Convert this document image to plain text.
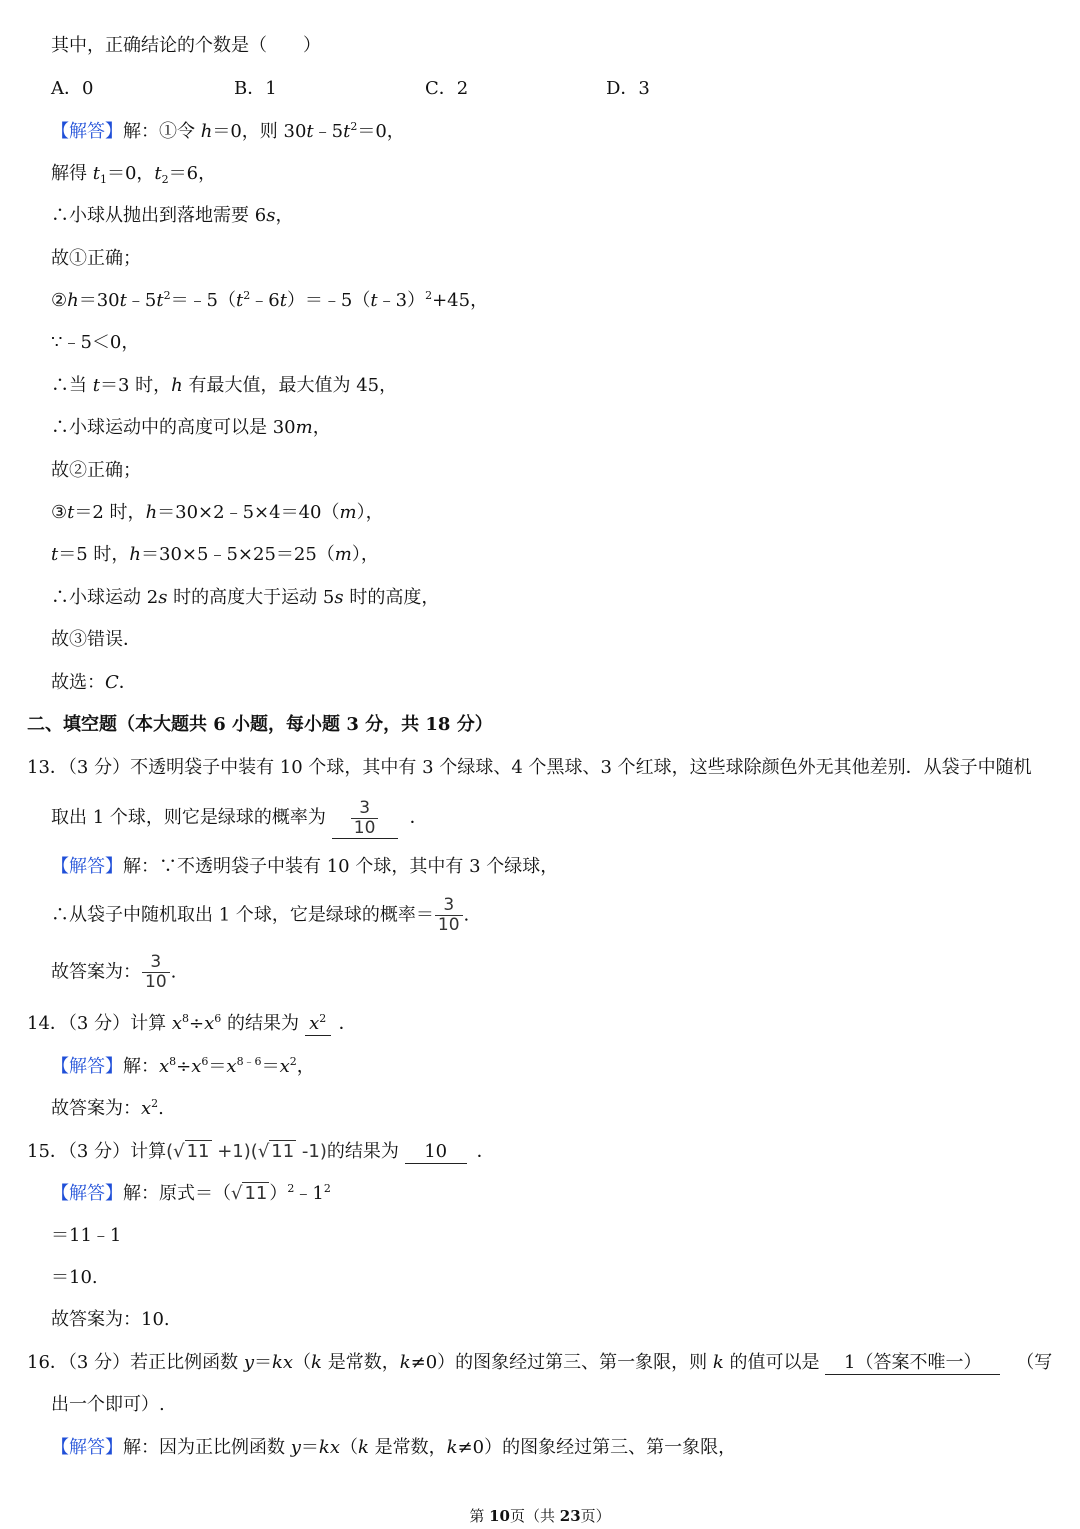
其中，正确结论的个数是（　　）
A．0	B．1	C．2	D．3
【解答】解：①令 h＝0，则 $30t﹣5t^2=0$，
解得 $t_1=0$，$t_2=6$，
∴小球从抛出到落地需要 6s，
故①正确；
$②h=30t﹣5t^2=﹣5(t^2﹣6t)=﹣5(t﹣3)^2+45$，
∵﹣5＜0，
∴当 t＝3 时，h 有最大值，最大值为 45，
∴小球运动中的高度可以是 30m，
故②正确；
③t＝2 时，h＝30×2﹣5×4＝40（m），
t＝5 时，h＝30×5﹣5×25＝25（m），
∴小球运动 2s 时的高度大于运动 5s 时的高度，
故③错误．
故选：C．
二、填空题（本大题共 6 小题，每小题 3 分，共 18 分）
13．（3 分）不透明袋子中装有 10 个球，其中有 3 个绿球、4 个黑球、3 个红球，这些球除颜色外无其他差别．从袋子中随机
取出 1 个球，则它是绿球的概率为 $\frac{3}{10}$ ．
【解答】解：∵不透明袋子中装有 10 个球，其中有 3 个绿球，
∴从袋子中随机取出 1 个球，它是绿球的概率＝ $\frac{3}{10}$ .
故答案为： $\frac{3}{10}$ .
14．（3 分）计算 $x^8\div x^6$ 的结果为 $x^2$ ．
【解答】解：$x^8\div x^6=x^{8﹣6}=x^2$，
故答案为：$x^2$.
15．（3 分）计算(√ 11 +1)(√ 11 -1)的结果为 10 ．
【解答】解：原式＝（√ 11 ）$^2﹣1^2$
＝11﹣1
＝10.
故答案为：10.
16．（3 分）若正比例函数 y＝kx（k 是常数，k≠0）的图象经过第三、第一象限，则 k 的值可以是 1（答案不唯一） （写
出一个即可）.
【解答】解：因为正比例函数 y＝kx（k 是常数，k≠0）的图象经过第三、第一象限，
第 10页（共 23页）
